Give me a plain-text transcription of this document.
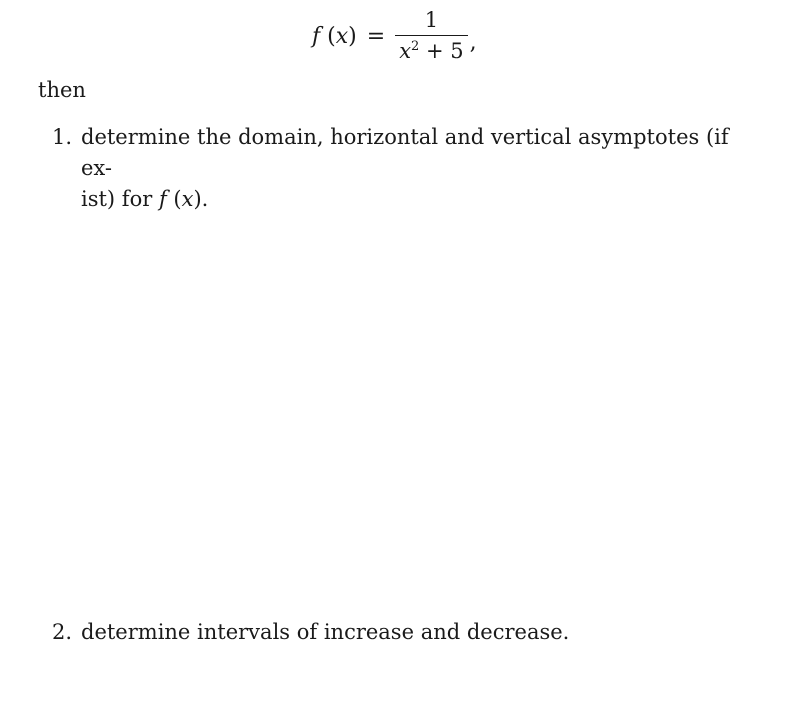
f $(x) = \frac{1}{x^2 + 5}$ ,
then
1. determine the domain, horizontal and vertical asymptotes (if ex-
ist) for f (x).
2. determine intervals of increase and decrease.
